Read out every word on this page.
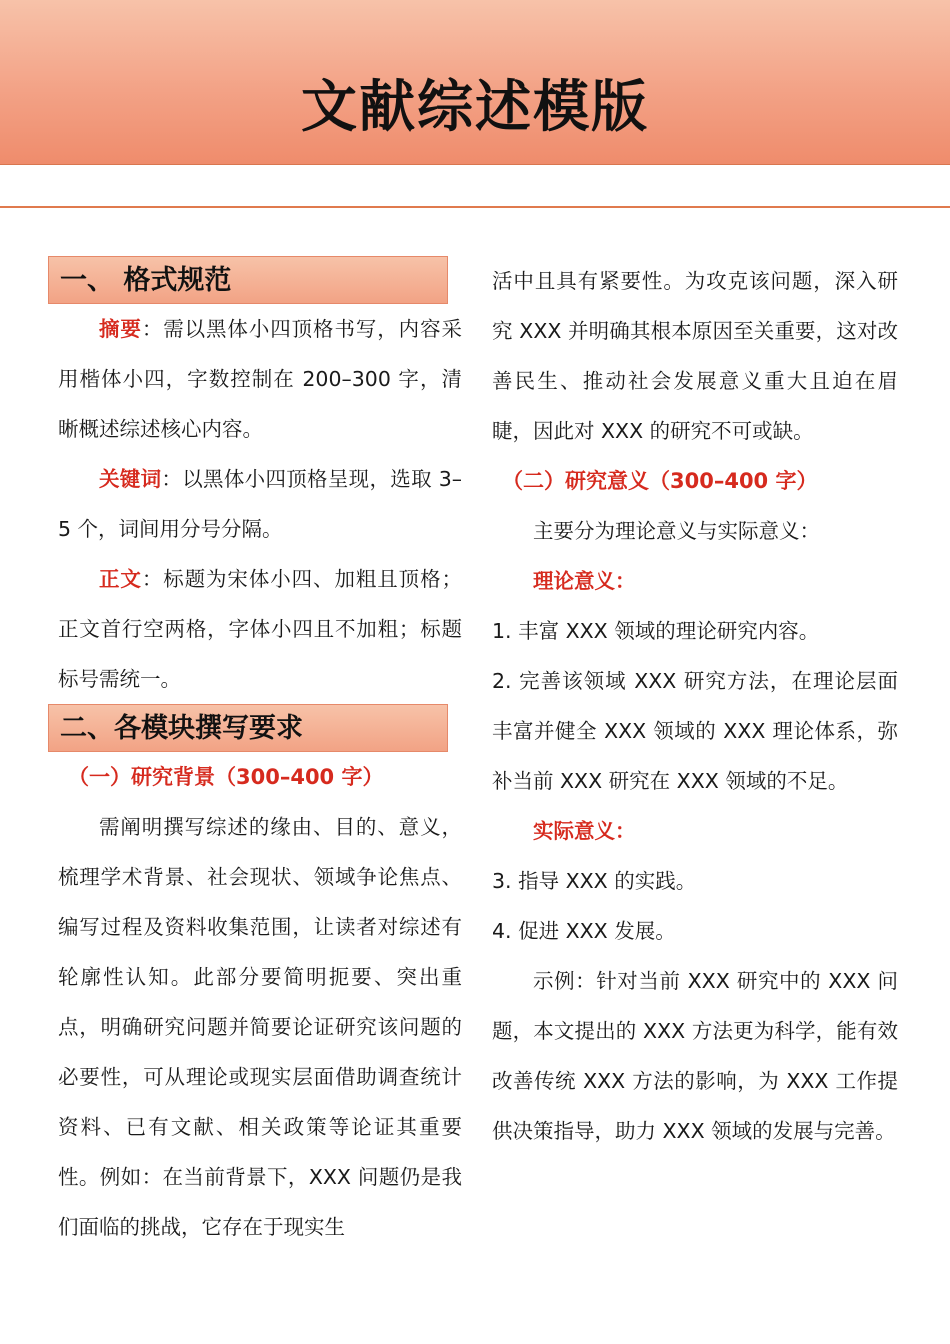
文献综述模版
一、 格式规范

摘要：需以黑体小四顶格书写，内容采用楷体小四，字数控制在 200–300 字，清晰概述综述核心内容。

关键词：以黑体小四顶格呈现，选取 3–5 个，词间用分号分隔。

正文：标题为宋体小四、加粗且顶格；正文首行空两格，字体小四且不加粗；标题标号需统一。

二、各模块撰写要求

（一）研究背景（300–400 字）

需阐明撰写综述的缘由、目的、意义，梳理学术背景、社会现状、领域争论焦点、编写过程及资料收集范围，让读者对综述有轮廓性认知。此部分要简明扼要、突出重点，明确研究问题并简要论证研究该问题的必要性，可从理论或现实层面借助调查统计资料、已有文献、相关政策等论证其重要性。例如：在当前背景下，XXX 问题仍是我们面临的挑战，它存在于现实生

活中且具有紧要性。为攻克该问题，深入研究 XXX 并明确其根本原因至关重要，这对改善民生、推动社会发展意义重大且迫在眉睫，因此对 XXX 的研究不可或缺。

（二）研究意义（300–400 字）

主要分为理论意义与实际意义：

理论意义：

1. 丰富 XXX 领域的理论研究内容。

2. 完善该领域 XXX 研究方法，在理论层面丰富并健全 XXX 领域的 XXX 理论体系，弥补当前 XXX 研究在 XXX 领域的不足。

实际意义：

3. 指导 XXX 的实践。

4. 促进 XXX 发展。

示例：针对当前 XXX 研究中的 XXX 问题，本文提出的 XXX 方法更为科学，能有效改善传统 XXX 方法的影响，为 XXX 工作提供决策指导，助力 XXX 领域的发展与完善。
